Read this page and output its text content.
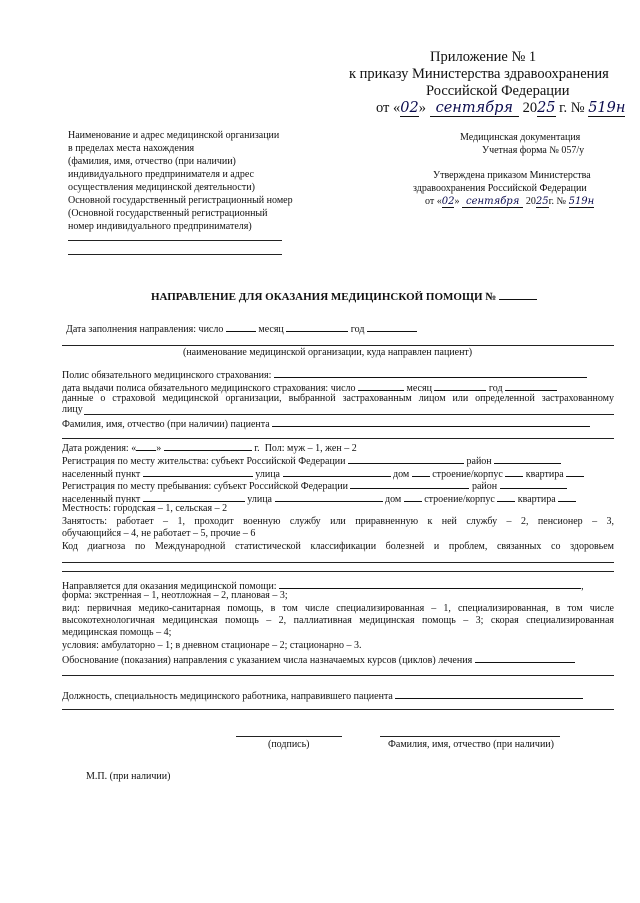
Приложение № 1
к приказу Министерства здравоохранения
Российской Федерации
от «02» сентября 2025 г. № 519н
Наименование и адрес медицинской организации
в пределах места нахождения
(фамилия, имя, отчество (при наличии)
индивидуального предпринимателя и адрес
осуществления медицинской деятельности)
Основной государственный регистрационный номер
(Основной государственный регистрационный
номер индивидуального предпринимателя)
Медицинская документация
Учетная форма № 057/у
Утверждена приказом Министерства
здравоохранения Российской Федерации
от «02» сентября 2025г. № 519н
НАПРАВЛЕНИЕ ДЛЯ ОКАЗАНИЯ МЕДИЦИНСКОЙ ПОМОЩИ №
Дата заполнения направления: число	месяц	год
(наименование медицинской организации, куда направлен пациент)
Полис обязательного медицинского страхования:
дата выдачи полиса обязательного медицинского страхования: число	месяц	год
данные о страховой медицинской организации, выбранной застрахованным лицом или определенной застрахованному
лицу
Фамилия, имя, отчество (при наличии) пациента
Дата рождения: « »	г. Пол: муж – 1, жен – 2
Регистрация по месту жительства: субъект Российской Федерации	район
населенный пункт	улица	дом строение/корпус квартира
Регистрация по месту пребывания: субъект Российской Федерации	район
населенный пункт	улица	дом строение/корпус квартира
Местность: городская – 1, сельская – 2
Занятость: работает – 1, проходит военную службу или приравненную к ней службу – 2, пенсионер – 3,
обучающийся – 4, не работает – 5, прочие – 6
Код диагноза по Международной статистической классификации болезней и проблем, связанных со здоровьем
Направляется для оказания медицинской помощи:	,
форма: экстренная – 1, неотложная – 2, плановая – 3;
вид: первичная медико-санитарная помощь, в том числе специализированная – 1, специализированная, в том числе
высокотехнологичная медицинская помощь – 2, паллиативная медицинская помощь – 3; скорая специализированная
медицинская помощь – 4;
условия: амбулаторно – 1; в дневном стационаре – 2; стационарно – 3.
Обоснование (показания) направления с указанием числа назначаемых курсов (циклов) лечения
Должность, специальность медицинского работника, направившего пациента
(подпись)	Фамилия, имя, отчество (при наличии)
М.П. (при наличии)
